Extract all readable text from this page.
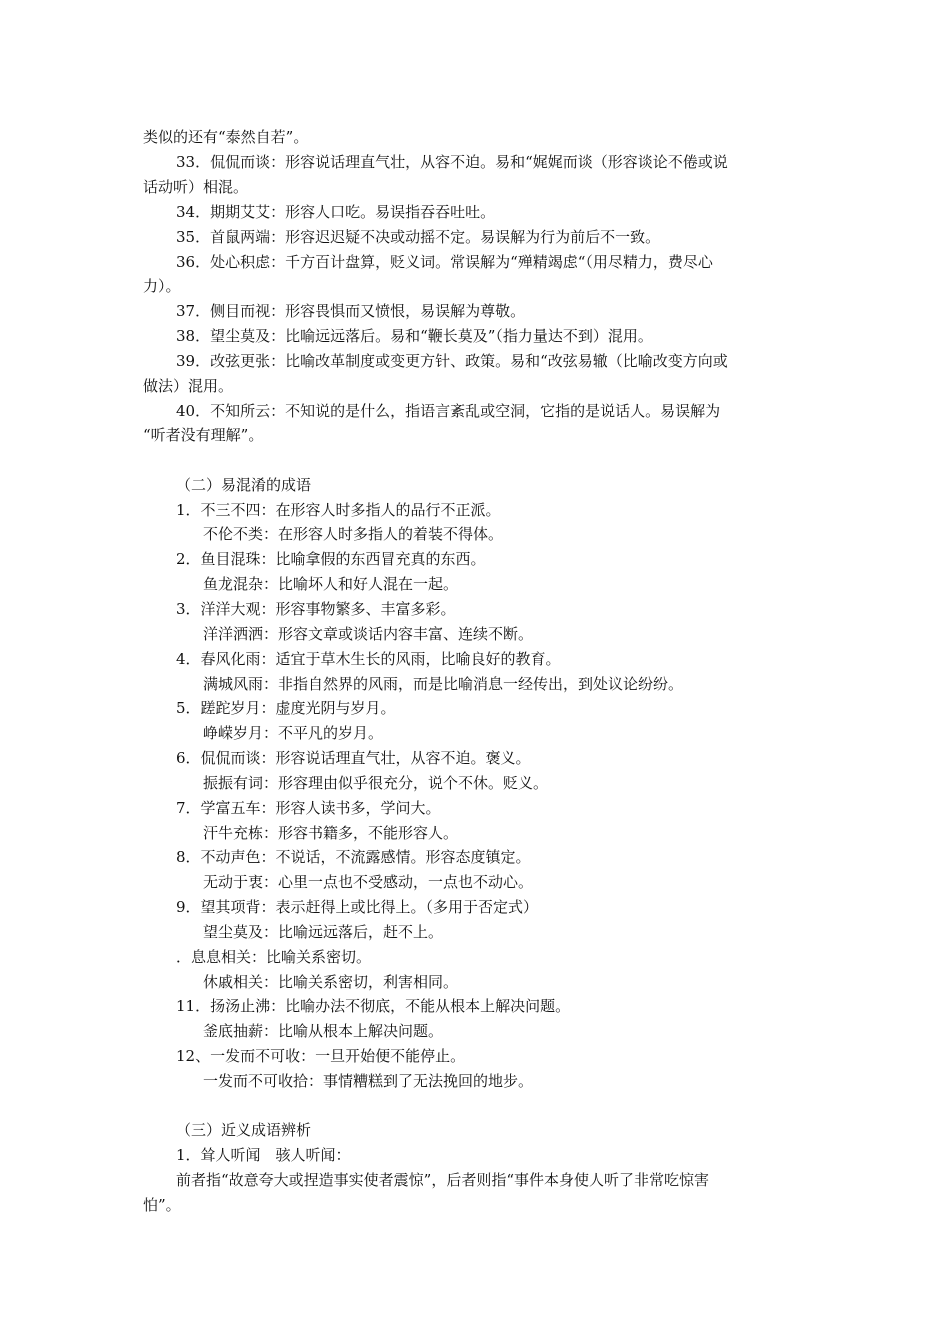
类似的还有“泰然自若”。
33．侃侃而谈：形容说话理直气壮，从容不迫。易和“娓娓而谈（形容谈论不倦或说
话动听）相混。
34．期期艾艾：形容人口吃。易误指吞吞吐吐。
35．首鼠两端：形容迟迟疑不决或动摇不定。易误解为行为前后不一致。
36．处心积虑：千方百计盘算，贬义词。常误解为“殚精竭虑“（用尽精力，费尽心
力）。
37．侧目而视：形容畏惧而又愤恨，易误解为尊敬。
38．望尘莫及：比喻远远落后。易和“鞭长莫及”（指力量达不到）混用。
39．改弦更张：比喻改革制度或变更方针、政策。易和“改弦易辙（比喻改变方向或
做法）混用。
40．不知所云：不知说的是什么，指语言紊乱或空洞，它指的是说话人。易误解为
“听者没有理解”。
（二）易混淆的成语
1．不三不四：在形容人时多指人的品行不正派。
不伦不类：在形容人时多指人的着装不得体。
2．鱼目混珠：比喻拿假的东西冒充真的东西。
鱼龙混杂：比喻坏人和好人混在一起。
3．洋洋大观：形容事物繁多、丰富多彩。
洋洋洒洒：形容文章或谈话内容丰富、连续不断。
4．春风化雨：适宜于草木生长的风雨，比喻良好的教育。
满城风雨：非指自然界的风雨，而是比喻消息一经传出，到处议论纷纷。
5．蹉跎岁月：虚度光阴与岁月。
峥嵘岁月：不平凡的岁月。
6．侃侃而谈：形容说话理直气壮，从容不迫。褒义。
振振有词：形容理由似乎很充分，说个不休。贬义。
7．学富五车：形容人读书多，学问大。
汗牛充栋：形容书籍多，不能形容人。
8．不动声色：不说话，不流露感情。形容态度镇定。
无动于衷：心里一点也不受感动，一点也不动心。
9．望其项背：表示赶得上或比得上。（多用于否定式）
望尘莫及：比喻远远落后，赶不上。
．息息相关：比喻关系密切。
休戚相关：比喻关系密切，利害相同。
11．扬汤止沸：比喻办法不彻底，不能从根本上解决问题。
釜底抽薪：比喻从根本上解决问题。
12、一发而不可收：一旦开始便不能停止。
一发而不可收拾：事情糟糕到了无法挽回的地步。
（三）近义成语辨析
1．耸人听闻　骇人听闻：
前者指“故意夸大或捏造事实使者震惊”，后者则指“事件本身使人听了非常吃惊害
怕”。
